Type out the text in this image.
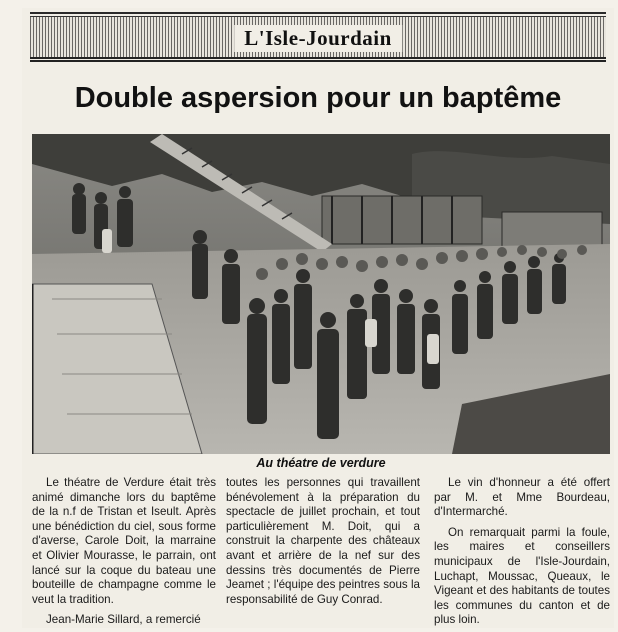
L'Isle-Jourdain
Double aspersion pour un baptême
Au théatre de verdure

Le théatre de Verdure était très animé dimanche lors du baptême de la n.f de Tristan et Iseult. Après une bénédiction du ciel, sous forme d'averse, Carole Doit, la marraine et Olivier Mourasse, le parrain, ont lancé sur la coque du bateau une bouteille de champagne comme le veut la tradition.

Jean-Marie Sillard, a remercié

toutes les personnes qui travaillent bénévolement à la préparation du spectacle de juillet prochain, et tout particulièrement M. Doit, qui a construit la charpente des châteaux avant et arrière de la nef sur des dessins très documentés de Pierre Jeamet ; l'équipe des peintres sous la responsabilité de Guy Conrad.

Le vin d'honneur a été offert par M. et Mme Bourdeau, d'Intermarché.

On remarquait parmi la foule, les maires et conseillers municipaux de l'Isle-Jourdain, Luchapt, Moussac, Queaux, le Vigeant et des habitants de toutes les communes du canton et de plus loin.
